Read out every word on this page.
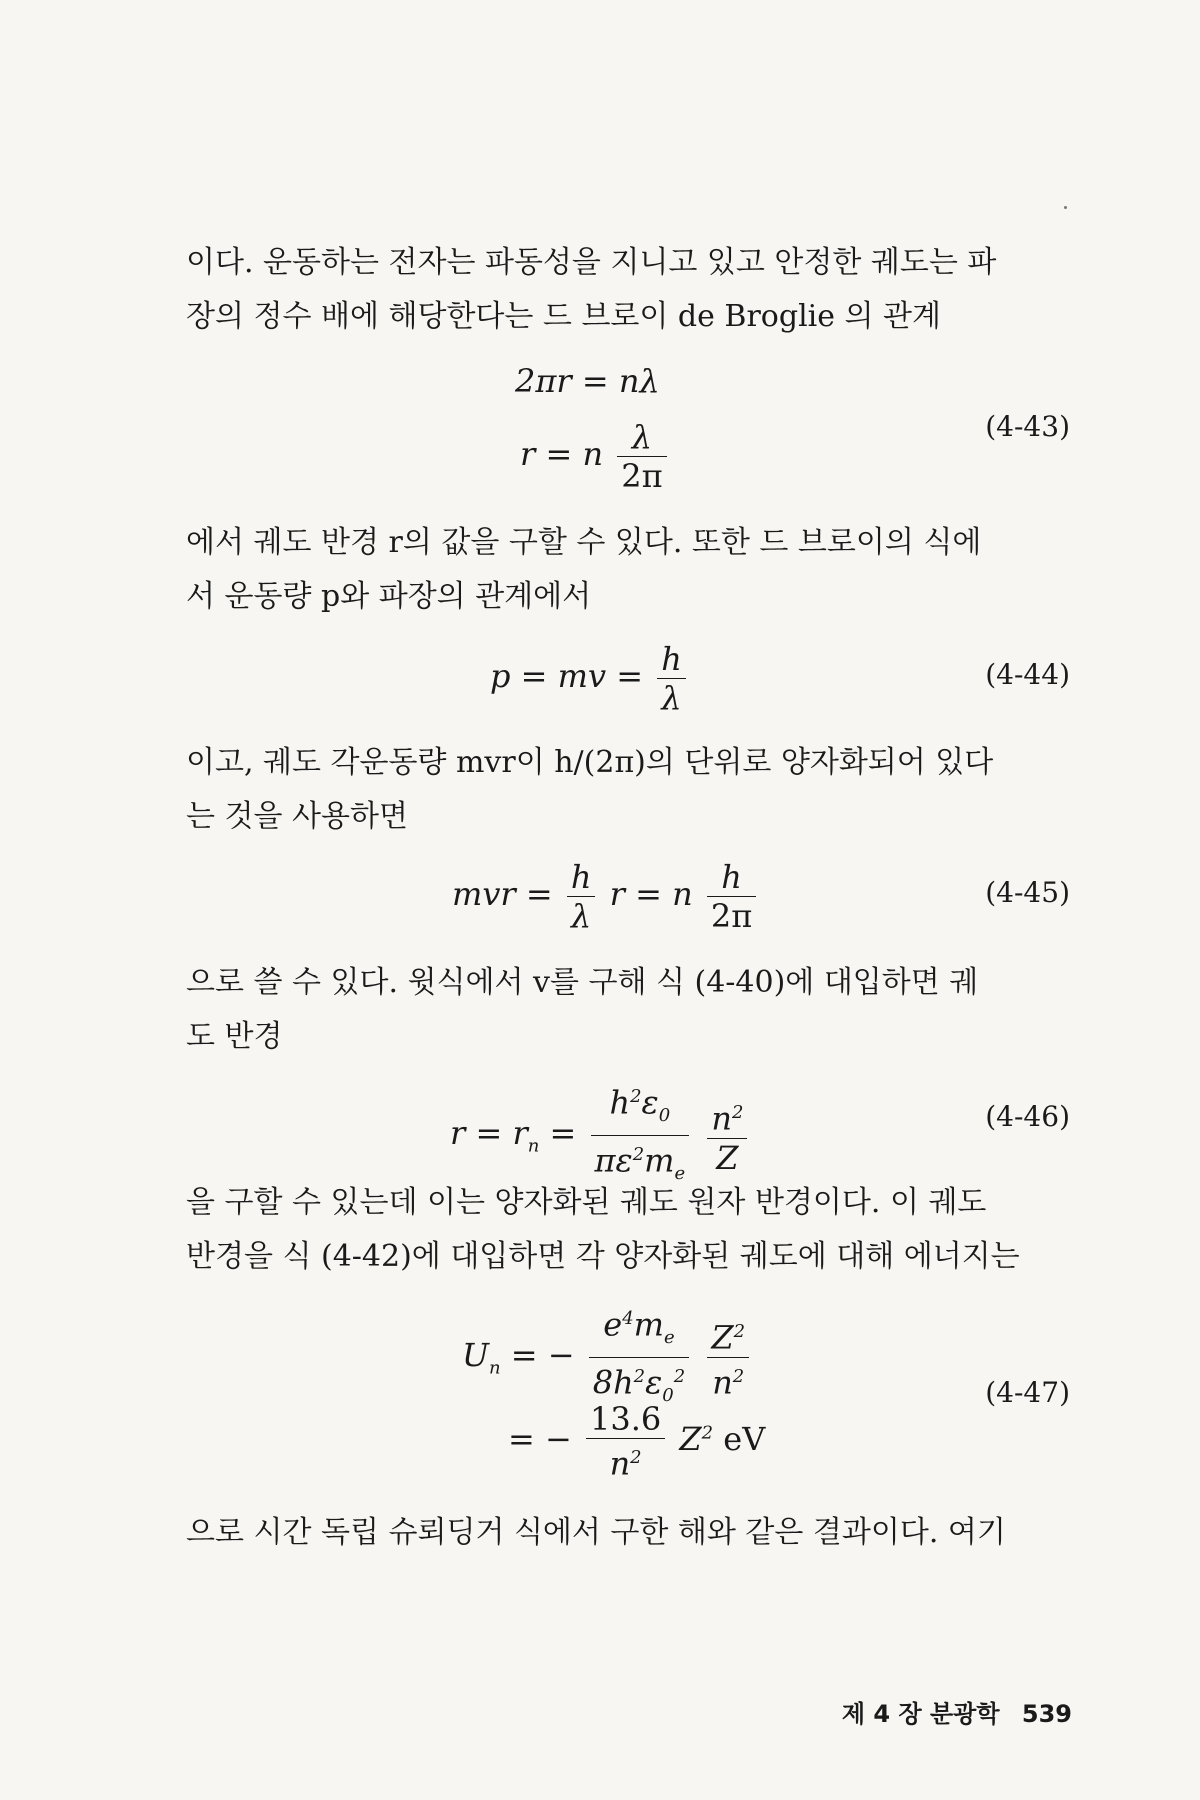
이다. 운동하는 전자는 파동성을 지니고 있고 안정한 궤도는 파
장의 정수 배에 해당한다는 드 브로이 de Broglie 의 관계
2πr = nλ
r = n $\frac{\lambda}{2\pi}$	(4-43)
에서 궤도 반경 r의 값을 구할 수 있다. 또한 드 브로이의 식에
서 운동량 p와 파장의 관계에서
p = mv = $\frac{h}{\lambda}$	(4-44)
이고, 궤도 각운동량 mvr이 h/(2π)의 단위로 양자화되어 있다
는 것을 사용하면
mvr = $\frac{h}{\lambda}$ r = n $\frac{h}{2\pi}$	(4-45)
으로 쓸 수 있다. 윗식에서 v를 구해 식 (4-40)에 대입하면 궤
도 반경
$r = r_n = \frac{h^2\varepsilon_0}{\pi\varepsilon^2m_e}$
$\frac{n^2}{Z}$	(4-46)
을 구할 수 있는데 이는 양자화된 궤도 원자 반경이다. 이 궤도
반경을 식 (4-42)에 대입하면 각 양자화된 궤도에 대해 에너지는
$U_n$ = − $\frac{e^4m_e}{8h^2\varepsilon_0^2}$
$\frac{Z^2}{n^2}$
= − $\frac{13.6}{n^2} Z^2$ eV
(4-47)
으로 시간 독립 슈뢰딩거 식에서 구한 해와 같은 결과이다. 여기
제 4 장 분광학 539
